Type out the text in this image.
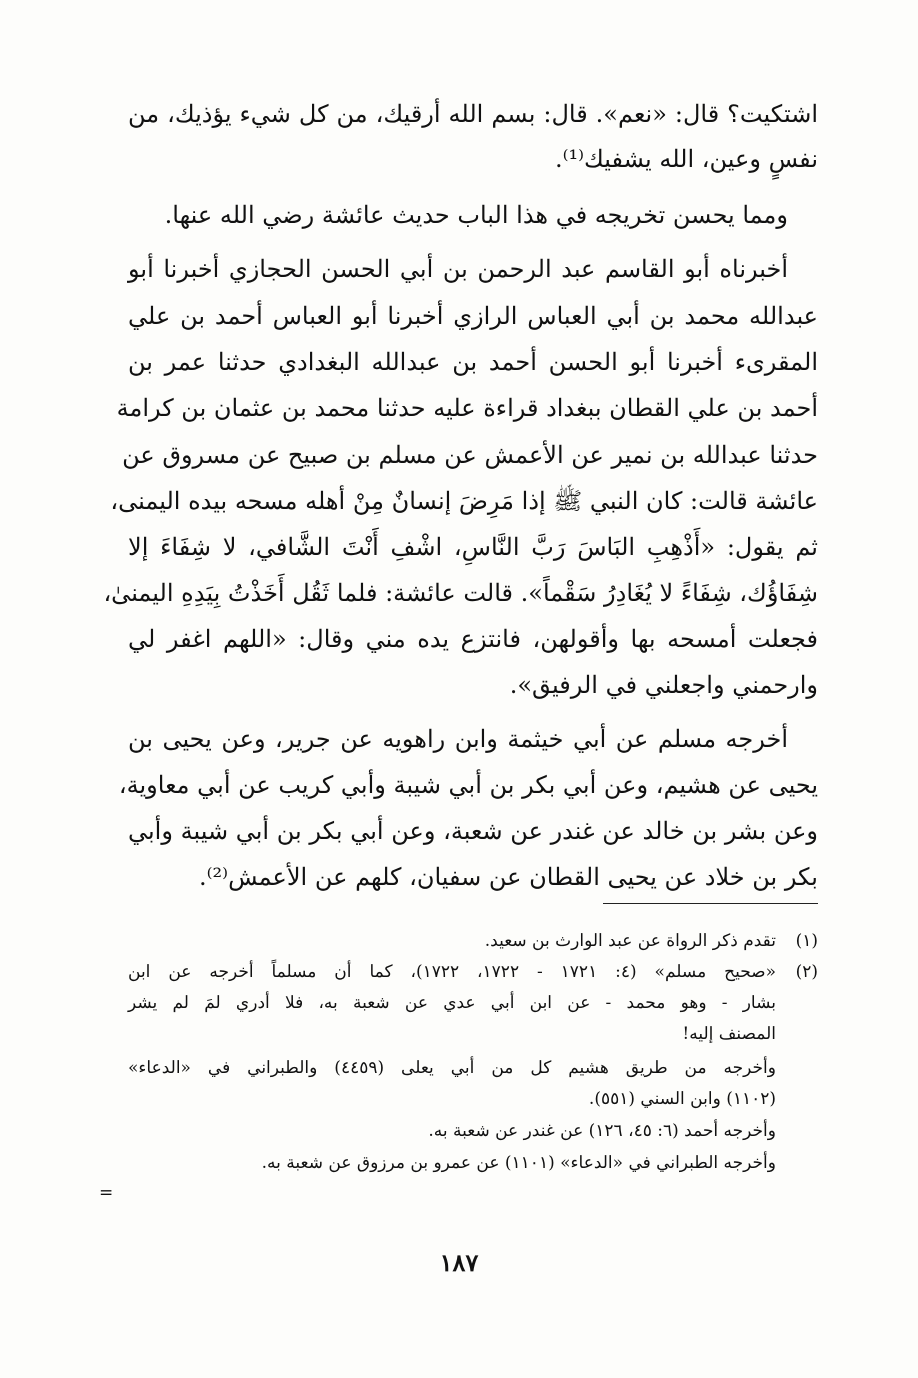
اشتكيت؟ قال: «نعم». قال: بسم الله أرقيك، من كل شيء يؤذيك، من
نفسٍ وعين، الله يشفيك⁽¹⁾.
ومما يحسن تخريجه في هذا الباب حديث عائشة رضي الله عنها.
أخبرناه أبو القاسم عبد الرحمن بن أبي الحسن الحجازي أخبرنا أبو
عبدالله محمد بن أبي العباس الرازي أخبرنا أبو العباس أحمد بن علي
المقرىء أخبرنا أبو الحسن أحمد بن عبدالله البغدادي حدثنا عمر بن
أحمد بن علي القطان ببغداد قراءة عليه حدثنا محمد بن عثمان بن كرامة
حدثنا عبدالله بن نمير عن الأعمش عن مسلم بن صبيح عن مسروق عن
عائشة قالت: كان النبي ﷺ إذا مَرِضَ إنسانٌ مِنْ أهله مسحه بيده اليمنى،
ثم يقول: «أَذْهِبِ البَاسَ رَبَّ النَّاسِ، اشْفِ أَنْتَ الشَّافي، لا شِفَاءَ إلا
شِفَاؤُك، شِفَاءً لا يُغَادِرُ سَقْماً». قالت عائشة: فلما ثَقُل أَخَذْتُ بِيَدِهِ اليمنىٰ،
فجعلت أمسحه بها وأقولهن، فانتزع يده مني وقال: «اللهم اغفر لي
وارحمني واجعلني في الرفيق».
أخرجه مسلم عن أبي خيثمة وابن راهويه عن جرير، وعن يحيى بن
يحيى عن هشيم، وعن أبي بكر بن أبي شيبة وأبي كريب عن أبي معاوية،
وعن بشر بن خالد عن غندر عن شعبة، وعن أبي بكر بن أبي شيبة وأبي
بكر بن خلاد عن يحيى القطان عن سفيان، كلهم عن الأعمش⁽²⁾.
(١)
تقدم ذكر الرواة عن عبد الوارث بن سعيد.
(٢)
«صحيح مسلم» (٤: ١٧٢١ - ١٧٢٢، ١٧٢٢)، كما أن مسلماً أخرجه عن ابن
بشار - وهو محمد - عن ابن أبي عدي عن شعبة به، فلا أدري لمَ لم يشر
المصنف إليه!
وأخرجه من طريق هشيم كل من أبي يعلى (٤٤٥٩) والطبراني في «الدعاء»
(١١٠٢) وابن السني (٥٥١).
وأخرجه أحمد (٦: ٤٥، ١٢٦) عن غندر عن شعبة به.
وأخرجه الطبراني في «الدعاء» (١١٠١) عن عمرو بن مرزوق عن شعبة به.
=
١٨٧
